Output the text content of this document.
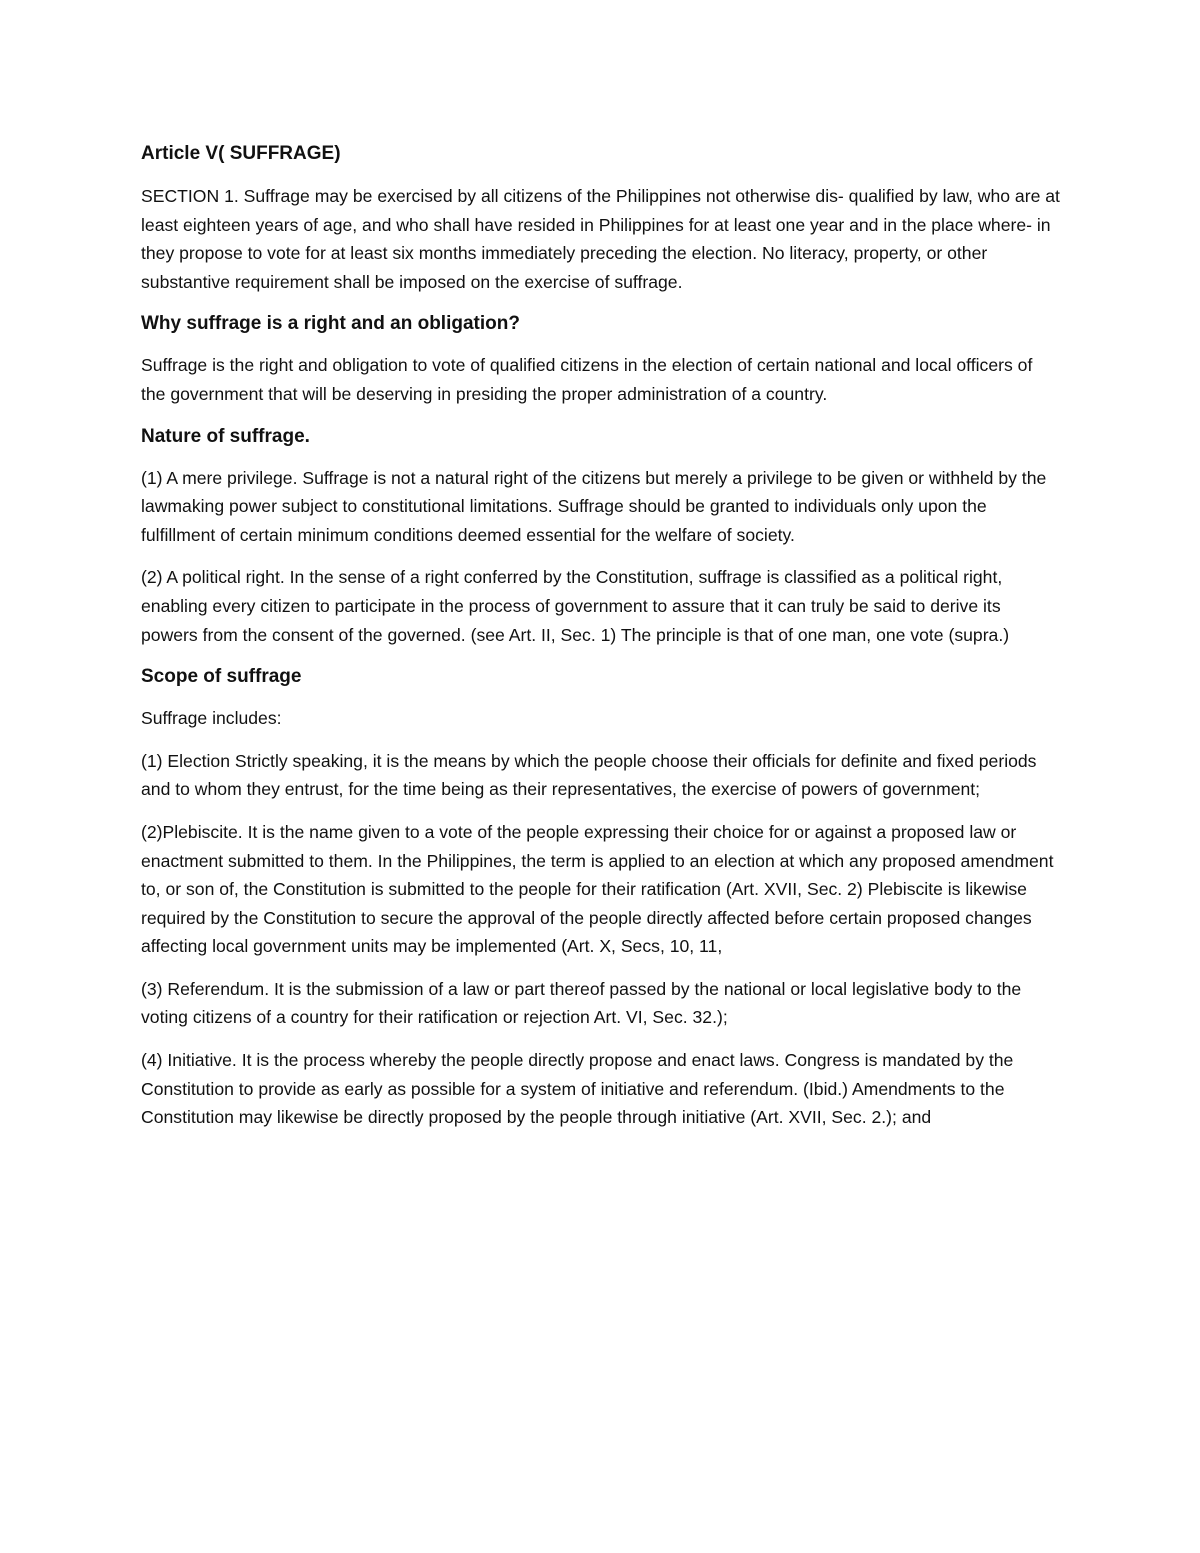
Article V( SUFFRAGE)

SECTION 1. Suffrage may be exercised by all citizens of the Philippines not otherwise dis- qualified by law, who are at least eighteen years of age, and who shall have resided in Philippines for at least one year and in the place where- in they propose to vote for at least six months immediately preceding the election. No literacy, property, or other substantive requirement shall be imposed on the exercise of suffrage.

Why suffrage is a right and an obligation?

Suffrage is the right and obligation to vote of qualified citizens in the election of certain national and local officers of the government that will be deserving in presiding the proper administration of a country.

Nature of suffrage.

(1) A mere privilege. Suffrage is not a natural right of the citizens but merely a privilege to be given or withheld by the lawmaking power subject to constitutional limitations. Suffrage should be granted to individuals only upon the fulfillment of certain minimum conditions deemed essential for the welfare of society.

(2) A political right. In the sense of a right conferred by the Constitution, suffrage is classified as a political right, enabling every citizen to participate in the process of government to assure that it can truly be said to derive its powers from the consent of the governed. (see Art. II, Sec. 1) The principle is that of one man, one vote (supra.)

Scope of suffrage

Suffrage includes:

(1) Election Strictly speaking, it is the means by which the people choose their officials for definite and fixed periods and to whom they entrust, for the time being as their representatives, the exercise of powers of government;

(2)Plebiscite. It is the name given to a vote of the people expressing their choice for or against a proposed law or enactment submitted to them. In the Philippines, the term is applied to an election at which any proposed amendment to, or son of, the Constitution is submitted to the people for their ratification (Art. XVII, Sec. 2) Plebiscite is likewise required by the Constitution to secure the approval of the people directly affected before certain proposed changes affecting local government units may be implemented (Art. X, Secs, 10, 11,

(3) Referendum. It is the submission of a law or part thereof passed by the national or local legislative body to the voting citizens of a country for their ratification or rejection Art. VI, Sec. 32.);

(4) Initiative. It is the process whereby the people directly propose and enact laws. Congress is mandated by the Constitution to provide as early as possible for a system of initiative and referendum. (Ibid.) Amendments to the Constitution may likewise be directly proposed by the people through initiative (Art. XVII, Sec. 2.); and
